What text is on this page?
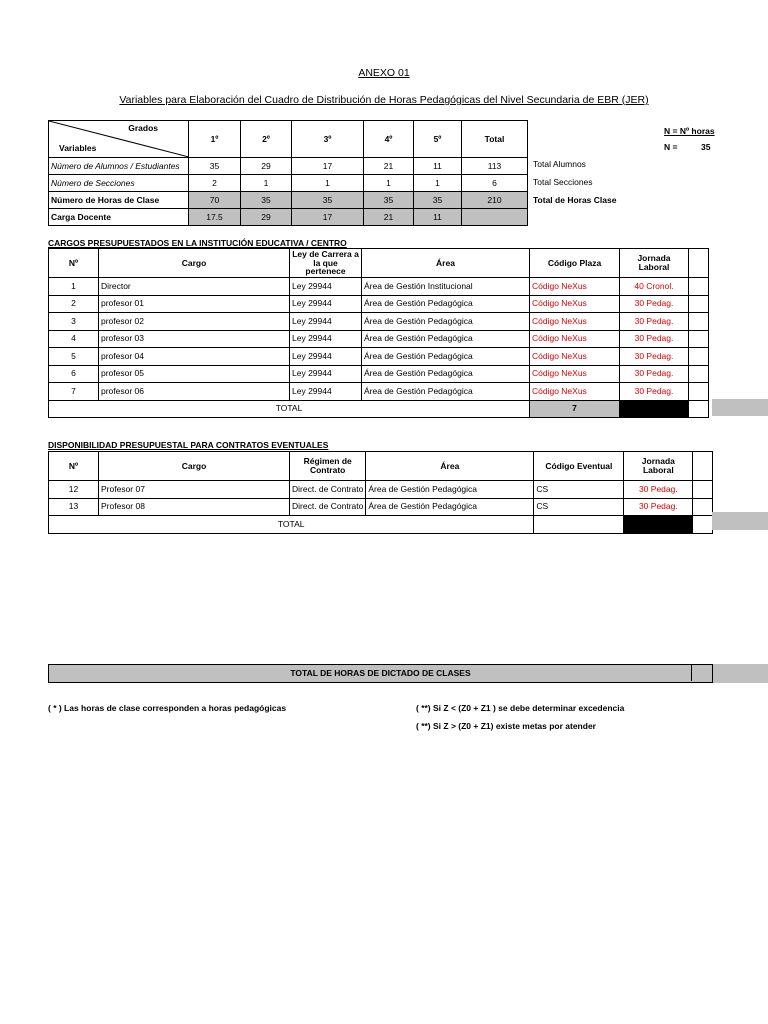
ANEXO 01
Variables para Elaboración del Cuadro de Distribución de Horas Pedagógicas del Nivel Secundaria de EBR (JER)
N = Nº horas
N =	35
Grados
Variables	1º	2º	3º	4º	5º	Total
Número de Alumnos / Estudiantes	35	29	17	21	11	113
Número de Secciones	2	1	1	1	1	6
Número de Horas de Clase	70	35	35	35	35	210
Carga Docente	17.5	29	17	21	11	
Total Alumnos
Total Secciones
Total de Horas Clase
CARGOS PRESUPUESTADOS EN LA INSTITUCIÓN EDUCATIVA / CENTRO
Nº	Cargo	Ley de Carrera a la que pertenece	Área	Código Plaza	Jornada Laboral	
1	Director	Ley 29944	Área de Gestión Institucional	Código NeXus	40 Cronol.	
2	profesor 01	Ley 29944	Área de Gestión Pedagógica	Código NeXus	30 Pedag.	
3	profesor 02	Ley 29944	Área de Gestión Pedagógica	Código NeXus	30 Pedag.	
4	profesor 03	Ley 29944	Área de Gestión Pedagógica	Código NeXus	30 Pedag.	
5	profesor 04	Ley 29944	Área de Gestión Pedagógica	Código NeXus	30 Pedag.	
6	profesor 05	Ley 29944	Área de Gestión Pedagógica	Código NeXus	30 Pedag.	
7	profesor 06	Ley 29944	Área de Gestión Pedagógica	Código NeXus	30 Pedag.	
TOTAL				7		
DISPONIBILIDAD PRESUPUESTAL PARA CONTRATOS EVENTUALES
Nº	Cargo	Régimen de Contrato	Área	Código Eventual	Jornada Laboral	
12	Profesor 07	Direct. de Contrato	Área de Gestión Pedagógica	CS	30 Pedag.	
13	Profesor 08	Direct. de Contrato	Área de Gestión Pedagógica	CS	30 Pedag.	
TOTAL						
TOTAL DE HORAS DE DICTADO DE CLASES
( * ) Las horas de clase corresponden a horas pedagógicas	( **) Si Z < (Z0 + Z1 ) se debe determinar excedencia
( **) Si Z > (Z0 + Z1) existe metas por atender
